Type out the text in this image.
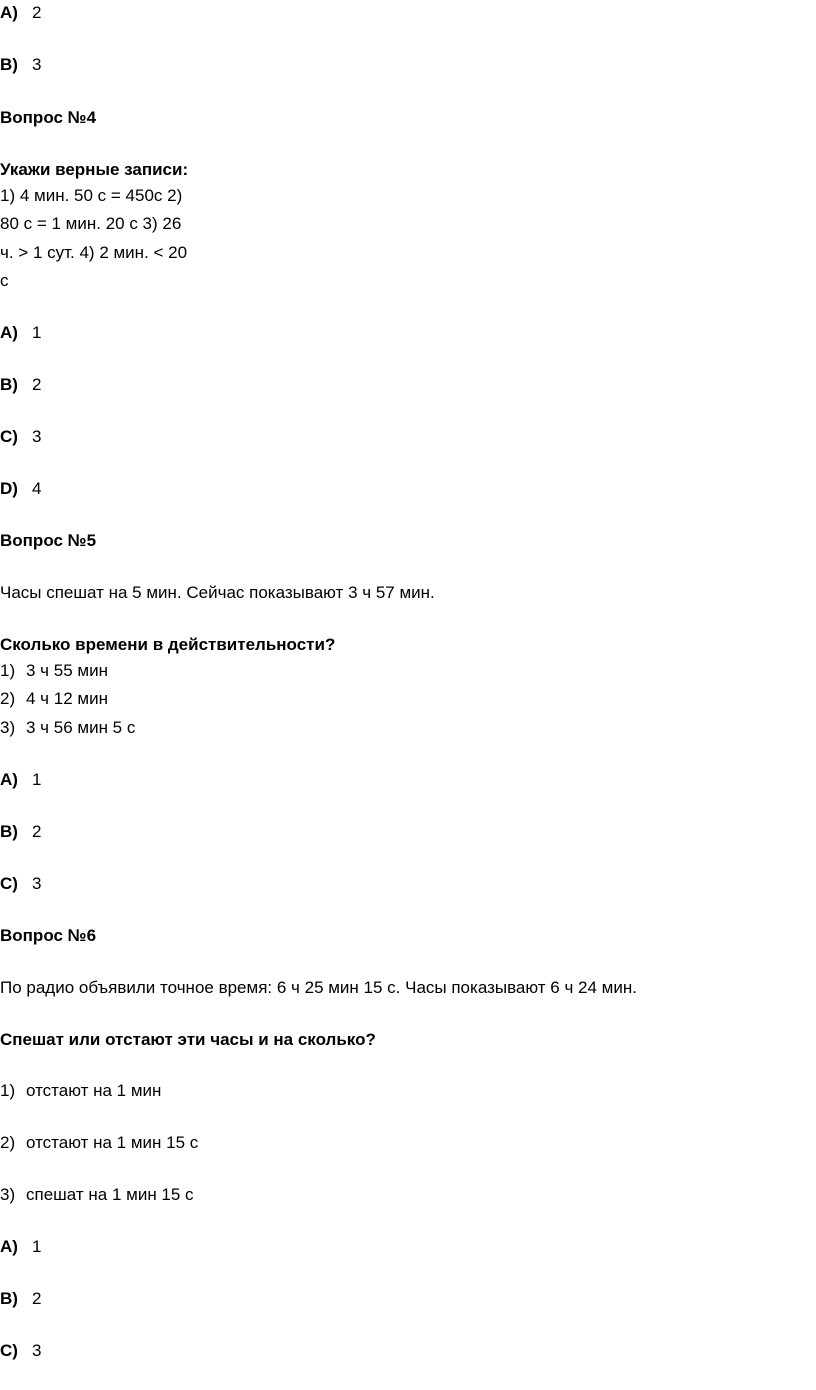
A) 2
B) 3
Вопрос №4
Укажи верные записи:
1) 4 мин. 50 с = 450с 2)
80 с = 1 мин. 20 с 3) 26
ч. > 1 сут. 4) 2 мин. < 20
с
A) 1
B) 2
C) 3
D) 4
Вопрос №5
Часы спешат на 5 мин. Сейчас показывают 3 ч 57 мин.
Сколько времени в действительности?
1) 3 ч 55 мин
2) 4 ч 12 мин
3) 3 ч 56 мин 5 с
A) 1
B) 2
C) 3
Вопрос №6
По радио объявили точное время: 6 ч 25 мин 15 с. Часы показывают 6 ч 24 мин.
Спешат или отстают эти часы и на сколько?
1) отстают на 1 мин
2) отстают на 1 мин 15 с
3) спешат на 1 мин 15 с
A) 1
B) 2
C) 3
